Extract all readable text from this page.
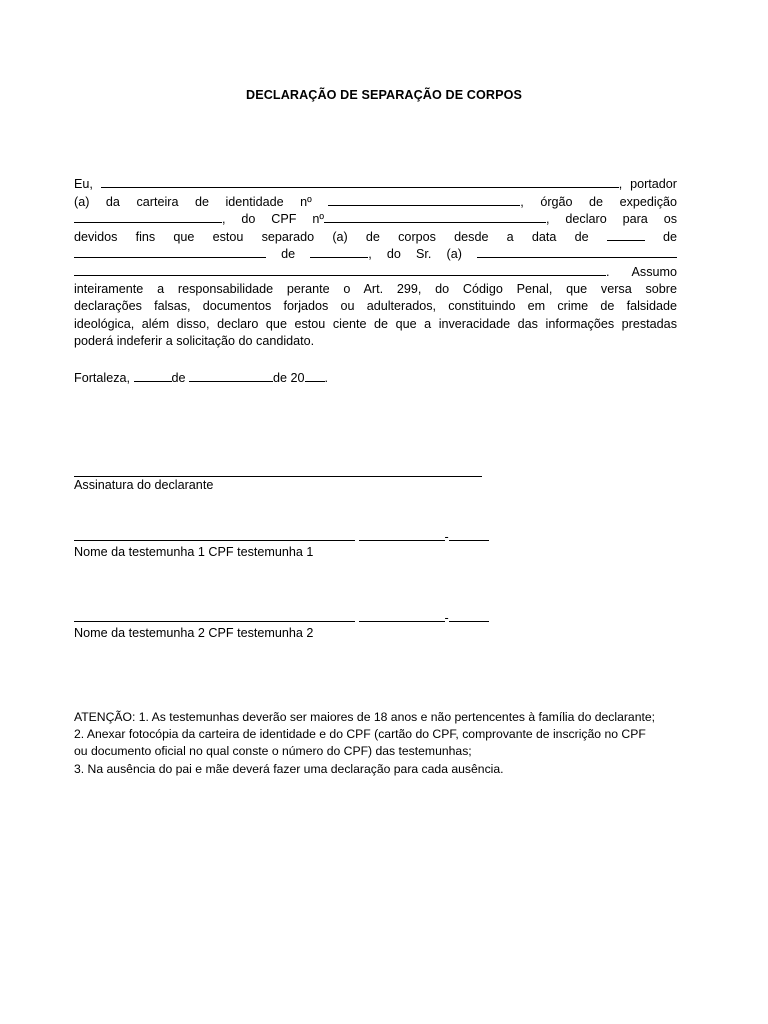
DECLARAÇÃO DE SEPARAÇÃO DE CORPOS
Eu,	, portador
(a) da carteira de identidade nº	, órgão de expedição
, do CPF nº	, declaro para os
devidos fins que estou separado (a) de corpos desde a data de	de
de	, do Sr. (a)
. Assumo
inteiramente a responsabilidade perante o Art. 299, do Código Penal, que versa sobre
declarações falsas, documentos forjados ou adulterados, constituindo em crime de falsidade
ideológica, além disso, declaro que estou ciente de que a inveracidade das informações prestadas
poderá indeferir a solicitação do candidato.
Fortaleza,	de	de 20 .
Assinatura do declarante
-
Nome da testemunha 1 CPF testemunha 1
-
Nome da testemunha 2 CPF testemunha 2
ATENÇÃO: 1. As testemunhas deverão ser maiores de 18 anos e não pertencentes à família do declarante;
2. Anexar fotocópia da carteira de identidade e do CPF (cartão do CPF, comprovante de inscrição no CPF
ou documento oficial no qual conste o número do CPF) das testemunhas;
3. Na ausência do pai e mãe deverá fazer uma declaração para cada ausência.
